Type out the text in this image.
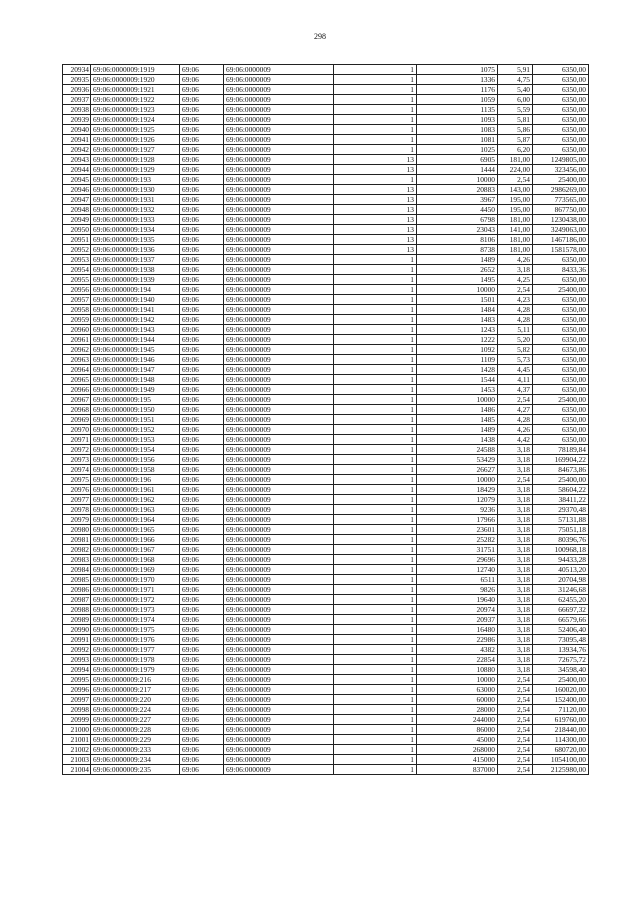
298
20934	69:06:0000009:1919	69:06	69:06:0000009	1	1075	5,91	6350,00
20935	69:06:0000009:1920	69:06	69:06:0000009	1	1336	4,75	6350,00
20936	69:06:0000009:1921	69:06	69:06:0000009	1	1176	5,40	6350,00
20937	69:06:0000009:1922	69:06	69:06:0000009	1	1059	6,00	6350,00
20938	69:06:0000009:1923	69:06	69:06:0000009	1	1135	5,59	6350,00
20939	69:06:0000009:1924	69:06	69:06:0000009	1	1093	5,81	6350,00
20940	69:06:0000009:1925	69:06	69:06:0000009	1	1083	5,86	6350,00
20941	69:06:0000009:1926	69:06	69:06:0000009	1	1081	5,87	6350,00
20942	69:06:0000009:1927	69:06	69:06:0000009	1	1025	6,20	6350,00
20943	69:06:0000009:1928	69:06	69:06:0000009	13	6905	181,00	1249805,00
20944	69:06:0000009:1929	69:06	69:06:0000009	13	1444	224,00	323456,00
20945	69:06:0000009:193	69:06	69:06:0000009	1	10000	2,54	25400,00
20946	69:06:0000009:1930	69:06	69:06:0000009	13	20883	143,00	2986269,00
20947	69:06:0000009:1931	69:06	69:06:0000009	13	3967	195,00	773565,00
20948	69:06:0000009:1932	69:06	69:06:0000009	13	4450	195,00	867750,00
20949	69:06:0000009:1933	69:06	69:06:0000009	13	6798	181,00	1230438,00
20950	69:06:0000009:1934	69:06	69:06:0000009	13	23043	141,00	3249063,00
20951	69:06:0000009:1935	69:06	69:06:0000009	13	8106	181,00	1467186,00
20952	69:06:0000009:1936	69:06	69:06:0000009	13	8738	181,00	1581578,00
20953	69:06:0000009:1937	69:06	69:06:0000009	1	1489	4,26	6350,00
20954	69:06:0000009:1938	69:06	69:06:0000009	1	2652	3,18	8433,36
20955	69:06:0000009:1939	69:06	69:06:0000009	1	1495	4,25	6350,00
20956	69:06:0000009:194	69:06	69:06:0000009	1	10000	2,54	25400,00
20957	69:06:0000009:1940	69:06	69:06:0000009	1	1501	4,23	6350,00
20958	69:06:0000009:1941	69:06	69:06:0000009	1	1484	4,28	6350,00
20959	69:06:0000009:1942	69:06	69:06:0000009	1	1483	4,28	6350,00
20960	69:06:0000009:1943	69:06	69:06:0000009	1	1243	5,11	6350,00
20961	69:06:0000009:1944	69:06	69:06:0000009	1	1222	5,20	6350,00
20962	69:06:0000009:1945	69:06	69:06:0000009	1	1092	5,82	6350,00
20963	69:06:0000009:1946	69:06	69:06:0000009	1	1109	5,73	6350,00
20964	69:06:0000009:1947	69:06	69:06:0000009	1	1428	4,45	6350,00
20965	69:06:0000009:1948	69:06	69:06:0000009	1	1544	4,11	6350,00
20966	69:06:0000009:1949	69:06	69:06:0000009	1	1453	4,37	6350,00
20967	69:06:0000009:195	69:06	69:06:0000009	1	10000	2,54	25400,00
20968	69:06:0000009:1950	69:06	69:06:0000009	1	1486	4,27	6350,00
20969	69:06:0000009:1951	69:06	69:06:0000009	1	1485	4,28	6350,00
20970	69:06:0000009:1952	69:06	69:06:0000009	1	1489	4,26	6350,00
20971	69:06:0000009:1953	69:06	69:06:0000009	1	1438	4,42	6350,00
20972	69:06:0000009:1954	69:06	69:06:0000009	1	24588	3,18	78189,84
20973	69:06:0000009:1956	69:06	69:06:0000009	1	53429	3,18	169904,22
20974	69:06:0000009:1958	69:06	69:06:0000009	1	26627	3,18	84673,86
20975	69:06:0000009:196	69:06	69:06:0000009	1	10000	2,54	25400,00
20976	69:06:0000009:1961	69:06	69:06:0000009	1	18429	3,18	58604,22
20977	69:06:0000009:1962	69:06	69:06:0000009	1	12079	3,18	38411,22
20978	69:06:0000009:1963	69:06	69:06:0000009	1	9236	3,18	29370,48
20979	69:06:0000009:1964	69:06	69:06:0000009	1	17966	3,18	57131,88
20980	69:06:0000009:1965	69:06	69:06:0000009	1	23601	3,18	75051,18
20981	69:06:0000009:1966	69:06	69:06:0000009	1	25282	3,18	80396,76
20982	69:06:0000009:1967	69:06	69:06:0000009	1	31751	3,18	100968,18
20983	69:06:0000009:1968	69:06	69:06:0000009	1	29696	3,18	94433,28
20984	69:06:0000009:1969	69:06	69:06:0000009	1	12740	3,18	40513,20
20985	69:06:0000009:1970	69:06	69:06:0000009	1	6511	3,18	20704,98
20986	69:06:0000009:1971	69:06	69:06:0000009	1	9826	3,18	31246,68
20987	69:06:0000009:1972	69:06	69:06:0000009	1	19640	3,18	62455,20
20988	69:06:0000009:1973	69:06	69:06:0000009	1	20974	3,18	66697,32
20989	69:06:0000009:1974	69:06	69:06:0000009	1	20937	3,18	66579,66
20990	69:06:0000009:1975	69:06	69:06:0000009	1	16480	3,18	52406,40
20991	69:06:0000009:1976	69:06	69:06:0000009	1	22986	3,18	73095,48
20992	69:06:0000009:1977	69:06	69:06:0000009	1	4382	3,18	13934,76
20993	69:06:0000009:1978	69:06	69:06:0000009	1	22854	3,18	72675,72
20994	69:06:0000009:1979	69:06	69:06:0000009	1	10880	3,18	34598,40
20995	69:06:0000009:216	69:06	69:06:0000009	1	10000	2,54	25400,00
20996	69:06:0000009:217	69:06	69:06:0000009	1	63000	2,54	160020,00
20997	69:06:0000009:220	69:06	69:06:0000009	1	60000	2,54	152400,00
20998	69:06:0000009:224	69:06	69:06:0000009	1	28000	2,54	71120,00
20999	69:06:0000009:227	69:06	69:06:0000009	1	244000	2,54	619760,00
21000	69:06:0000009:228	69:06	69:06:0000009	1	86000	2,54	218440,00
21001	69:06:0000009:229	69:06	69:06:0000009	1	45000	2,54	114300,00
21002	69:06:0000009:233	69:06	69:06:0000009	1	268000	2,54	680720,00
21003	69:06:0000009:234	69:06	69:06:0000009	1	415000	2,54	1054100,00
21004	69:06:0000009:235	69:06	69:06:0000009	1	837000	2,54	2125980,00
